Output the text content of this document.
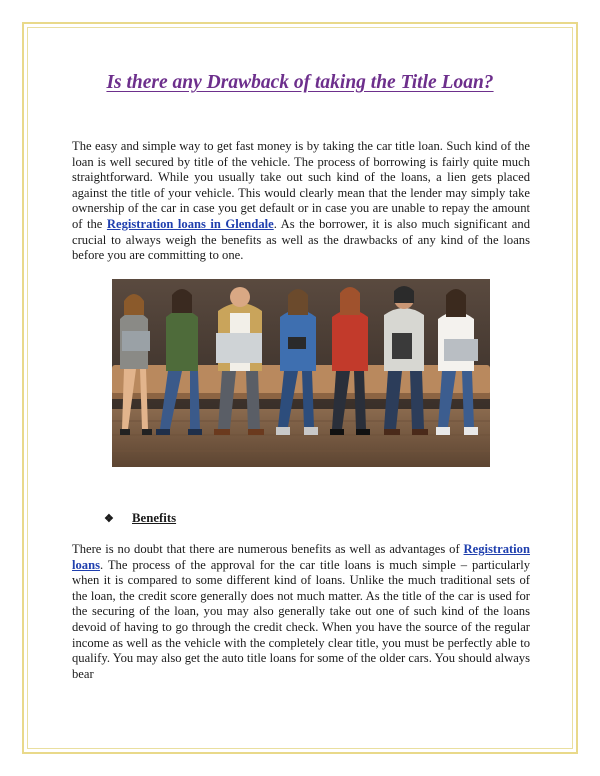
Is there any Drawback of taking the Title Loan?

The easy and simple way to get fast money is by taking the car title loan. Such kind of the loan is well secured by title of the vehicle. The process of borrowing is fairly quite much straightforward. While you usually take out such kind of the loans, a lien gets placed against the title of your vehicle. This would clearly mean that the lender may simply take ownership of the car in case you get default or in case you are unable to repay the amount of the Registration loans in Glendale. As the borrower, it is also much significant and crucial to always weigh the benefits as well as the drawbacks of any kind of the loans before you are committing to one.

❖ Benefits

There is no doubt that there are numerous benefits as well as advantages of Registration loans. The process of the approval for the car title loans is much simple – particularly when it is compared to some different kind of loans. Unlike the much traditional sets of the loan, the credit score generally does not much matter. As the title of the car is used for the securing of the loan, you may also generally take out one of such kind of the loans devoid of having to go through the credit check. When you have the source of the regular income as well as the vehicle with the completely clear title, you must be perfectly able to qualify. You may also get the auto title loans for some of the older cars. You should always bear
